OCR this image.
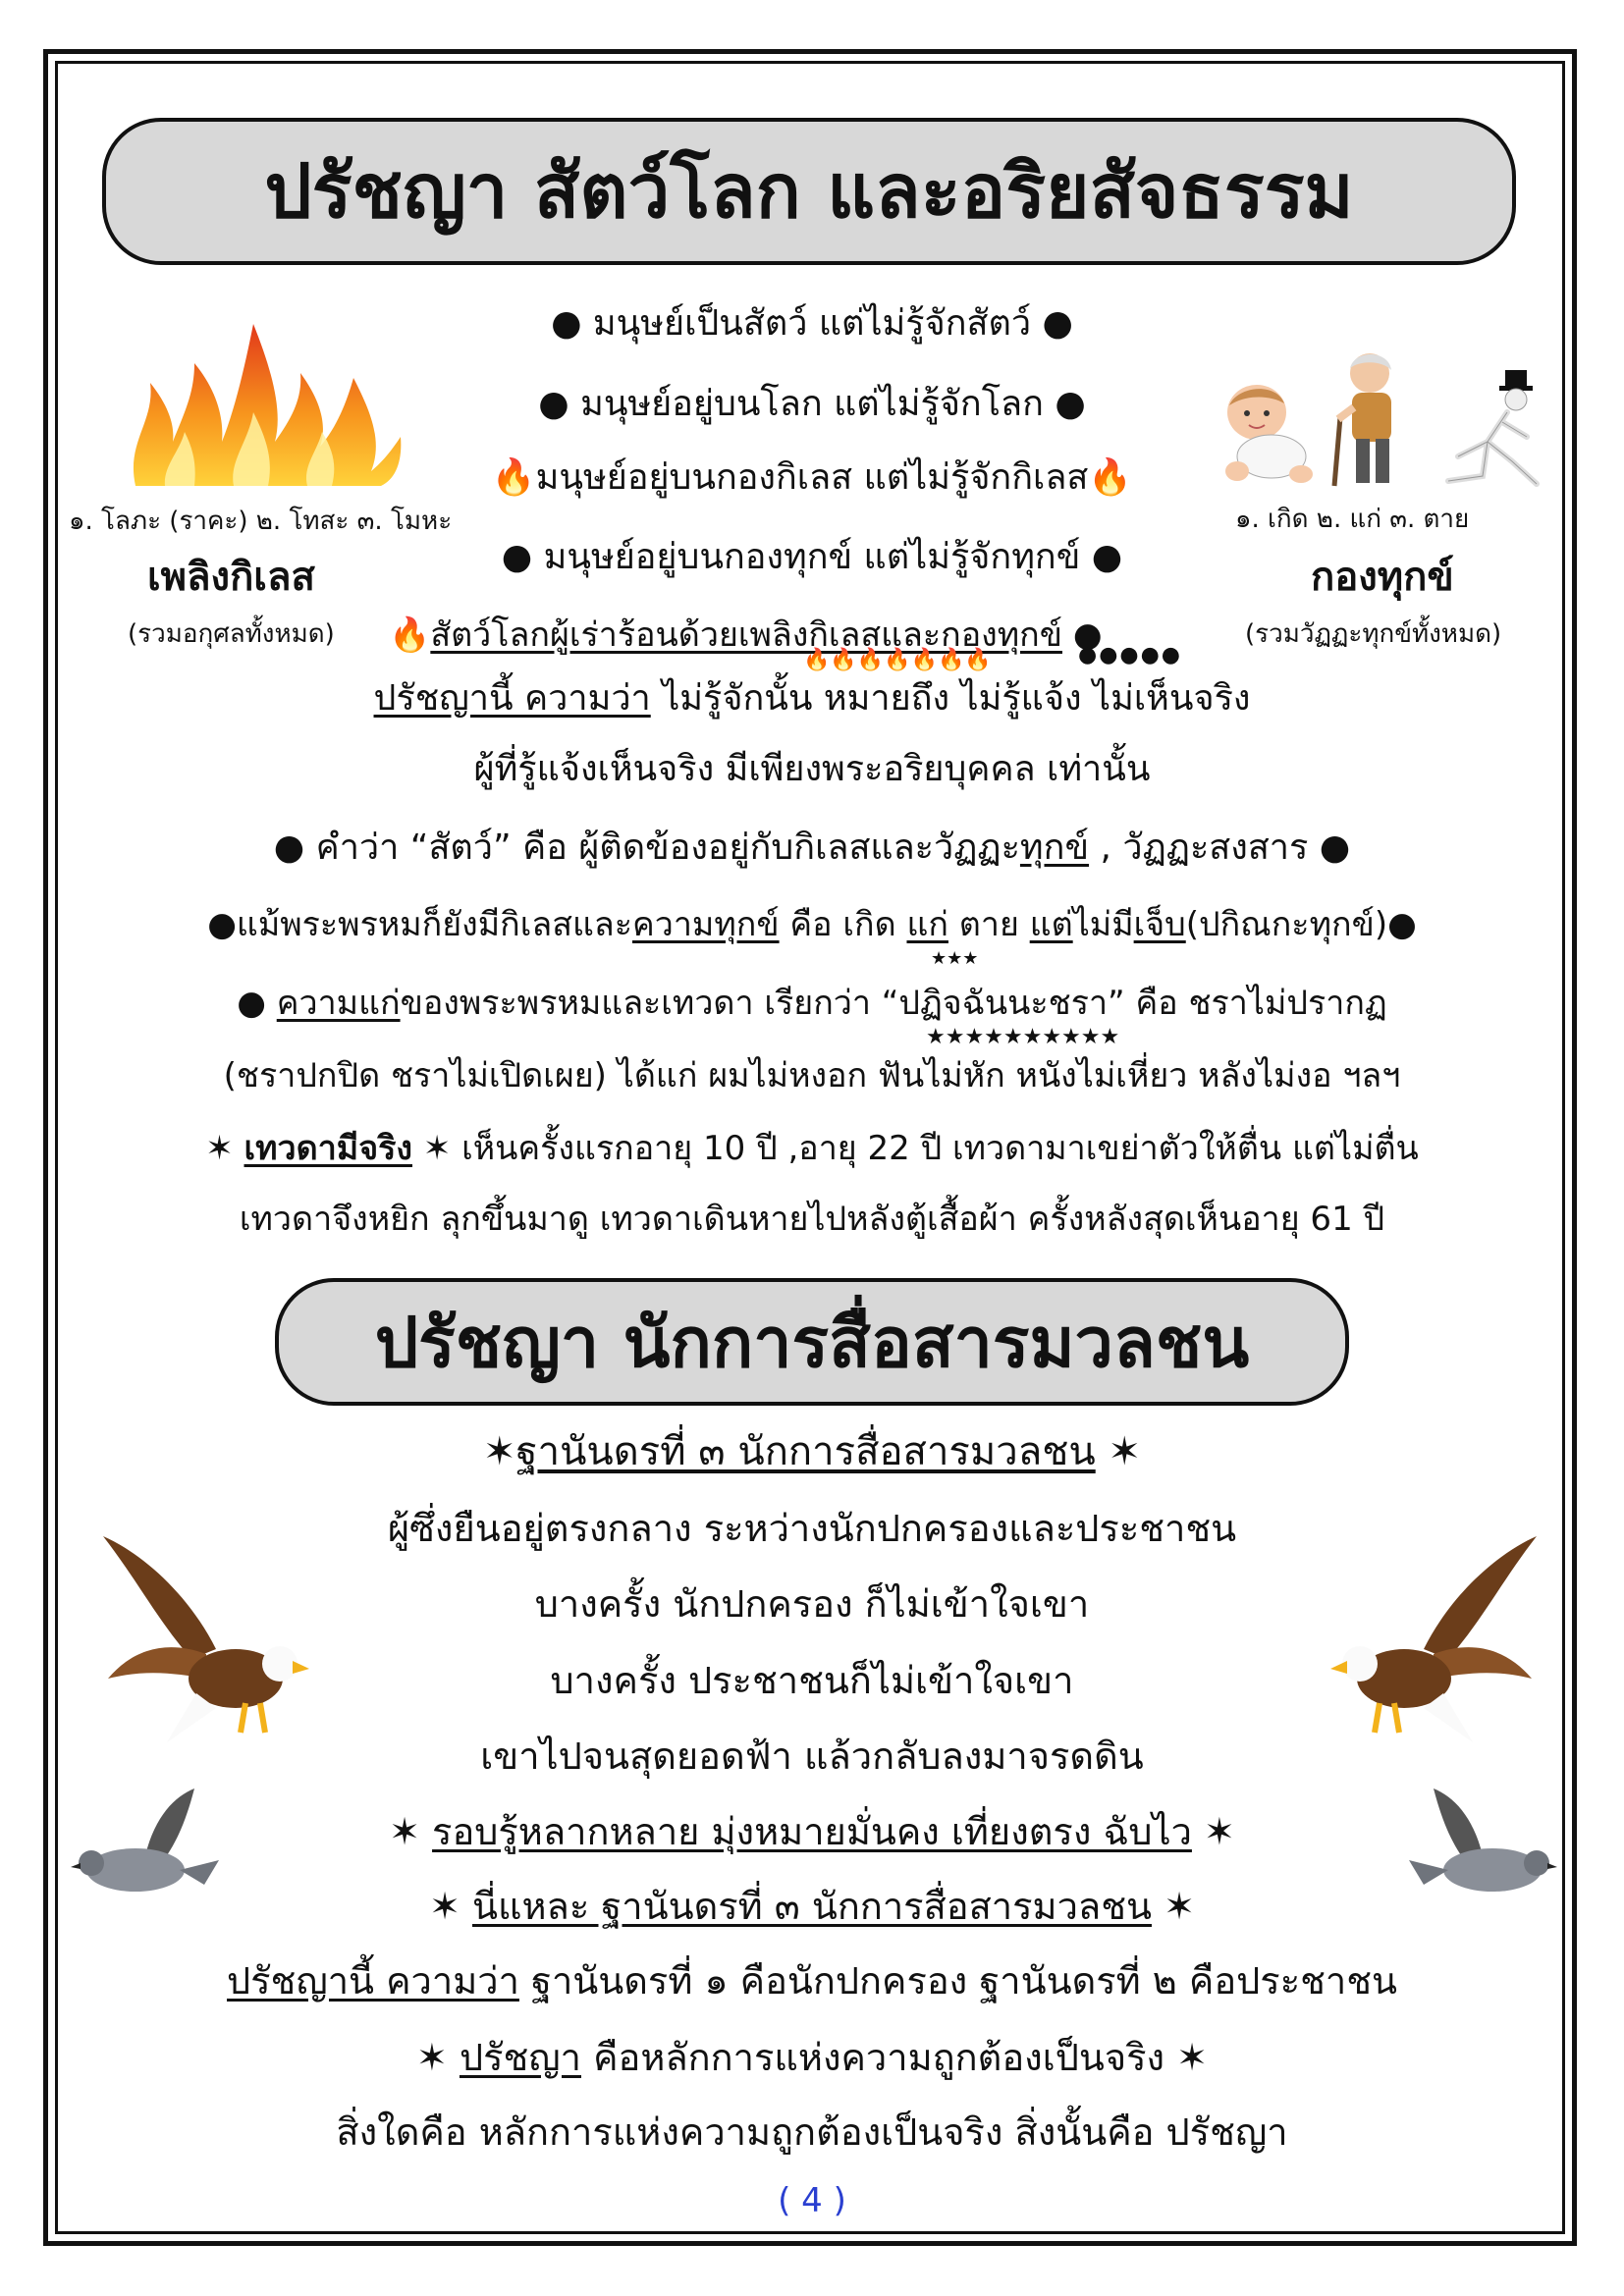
ปรัชญา สัตว์โลก และอริยสัจธรรม
● มนุษย์เป็นสัตว์ แต่ไม่รู้จักสัตว์ ●
● มนุษย์อยู่บนโลก แต่ไม่รู้จักโลก ●
🔥มนุษย์อยู่บนกองกิเลส แต่ไม่รู้จักกิเลส🔥
● มนุษย์อยู่บนกองทุกข์ แต่ไม่รู้จักทุกข์ ●
๑. โลภะ (ราคะ) ๒. โทสะ ๓. โมหะ
เพลิงกิเลส
(รวมอกุศลทั้งหมด)
๑. เกิด ๒. แก่ ๓. ตาย
กองทุกข์
(รวมวัฏฏะทุกข์ทั้งหมด)
🔥สัตว์โลกผู้เร่าร้อนด้วยเพลิงกิเลสและกองทุกข์ ●
🔥🔥🔥🔥🔥🔥🔥	●●●●●
ปรัชญานี้ ความว่า ไม่รู้จักนั้น หมายถึง ไม่รู้แจ้ง ไม่เห็นจริง
ผู้ที่รู้แจ้งเห็นจริง มีเพียงพระอริยบุคคล เท่านั้น
● คำว่า “สัตว์” คือ ผู้ติดข้องอยู่กับกิเลสและวัฏฏะทุกข์ , วัฏฏะสงสาร ●
●แม้พระพรหมก็ยังมีกิเลสและความทุกข์ คือ เกิด แก่ ตาย แต่ไม่มีเจ็บ(ปกิณกะทุกข์)●
★★★
● ความแก่ของพระพรหมและเทวดา เรียกว่า “ปฏิจฉันนะชรา” คือ ชราไม่ปรากฏ
★★★★★★★★★★
(ชราปกปิด ชราไม่เปิดเผย) ได้แก่ ผมไม่หงอก ฟันไม่หัก หนังไม่เหี่ยว หลังไม่งอ ฯลฯ
✶ เทวดามีจริง ✶ เห็นครั้งแรกอายุ 10 ปี ,อายุ 22 ปี เทวดามาเขย่าตัวให้ตื่น แต่ไม่ตื่น
เทวดาจึงหยิก ลุกขึ้นมาดู เทวดาเดินหายไปหลังตู้เสื้อผ้า ครั้งหลังสุดเห็นอายุ 61 ปี
ปรัชญา นักการสื่อสารมวลชน
✶ฐานันดรที่ ๓ นักการสื่อสารมวลชน ✶
ผู้ซึ่งยืนอยู่ตรงกลาง ระหว่างนักปกครองและประชาชน
บางครั้ง นักปกครอง ก็ไม่เข้าใจเขา
บางครั้ง ประชาชนก็ไม่เข้าใจเขา
เขาไปจนสุดยอดฟ้า แล้วกลับลงมาจรดดิน
✶ รอบรู้หลากหลาย มุ่งหมายมั่นคง เที่ยงตรง ฉับไว ✶
✶ นี่แหละ ฐานันดรที่ ๓ นักการสื่อสารมวลชน ✶
ปรัชญานี้ ความว่า ฐานันดรที่ ๑ คือนักปกครอง ฐานันดรที่ ๒ คือประชาชน
✶ ปรัชญา คือหลักการแห่งความถูกต้องเป็นจริง ✶
สิ่งใดคือ หลักการแห่งความถูกต้องเป็นจริง สิ่งนั้นคือ ปรัชญา
( 4 )
